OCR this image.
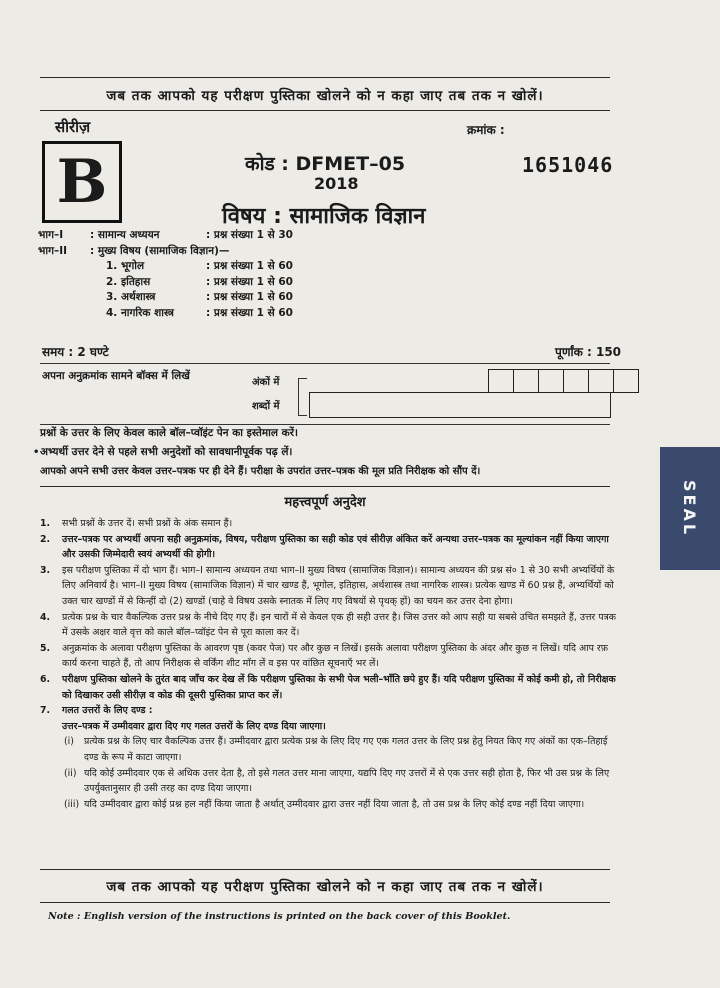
जब तक आपको यह परीक्षण पुस्तिका खोलने को न कहा जाए तब तक न खोलें।
सीरीज़	क्रमांक :
B	1651046
कोड : DFMET–05
2018
विषय : सामाजिक विज्ञान
भाग–I	: सामान्य अध्ययन	: प्रश्न संख्या 1 से 30
भाग–II : मुख्य विषय (सामाजिक विज्ञान)—
1. भूगोल	: प्रश्न संख्या 1 से 60
2. इतिहास	: प्रश्न संख्या 1 से 60
3. अर्थशास्त्र	: प्रश्न संख्या 1 से 60
4. नागरिक शास्त्र	: प्रश्न संख्या 1 से 60
समय : 2 घण्टे	पूर्णांक : 150
अपना अनुक्रमांक सामने बॉक्स में लिखें
अंकों में
शब्दों में
•
प्रश्नों के उत्तर के लिए केवल काले बॉल–प्वॉइंट पेन का इस्तेमाल करें।
अभ्यर्थी उत्तर देने से पहले सभी अनुदेशों को सावधानीपूर्वक पढ़ लें।
आपको अपने सभी उत्तर केवल उत्तर–पत्रक पर ही देने हैं। परीक्षा के उपरांत उत्तर–पत्रक की मूल प्रति निरीक्षक को सौंप दें।
महत्त्वपूर्ण अनुदेश
1. सभी प्रश्नों के उत्तर दें। सभी प्रश्नों के अंक समान हैं।
2. उत्तर–पत्रक पर अभ्यर्थी अपना सही अनुक्रमांक, विषय, परीक्षण पुस्तिका का सही कोड एवं सीरीज़ अंकित करें अन्यथा उत्तर–पत्रक का मूल्यांकन नहीं किया जाएगा और उसकी जिम्मेदारी स्वयं अभ्यर्थी की होगी।
3. इस परीक्षण पुस्तिका में दो भाग हैं। भाग–I सामान्य अध्ययन तथा भाग–II मुख्य विषय (सामाजिक विज्ञान)। सामान्य अध्ययन की प्रश्न सं० 1 से 30 सभी अभ्यर्थियों के लिए अनिवार्य है। भाग–II मुख्य विषय (सामाजिक विज्ञान) में चार खण्ड हैं, भूगोल, इतिहास, अर्थशास्त्र तथा नागरिक शास्त्र। प्रत्येक खण्ड में 60 प्रश्न हैं, अभ्यर्थियों को उक्त चार खण्डों में से किन्हीं दो (2) खण्डों (चाहे वे विषय उसके स्नातक में लिए गए विषयों से पृथक् हों) का चयन कर उत्तर देना होगा।
4. प्रत्येक प्रश्न के चार वैकल्पिक उत्तर प्रश्न के नीचे दिए गए हैं। इन चारों में से केवल एक ही सही उत्तर है। जिस उत्तर को आप सही या सबसे उचित समझते हैं, उत्तर पत्रक में उसके अक्षर वाले वृत्त को काले बॉल–प्वॉइंट पेन से पूरा काला कर दें।
5. अनुक्रमांक के अलावा परीक्षण पुस्तिका के आवरण पृष्ठ (कवर पेज) पर और कुछ न लिखें। इसके अलावा परीक्षण पुस्तिका के अंदर और कुछ न लिखें। यदि आप रफ़ कार्य करना चाहते हैं, तो आप निरीक्षक से वर्किंग शीट माँग लें व इस पर वांछित सूचनाएँ भर लें।
6. परीक्षण पुस्तिका खोलने के तुरंत बाद जाँच कर देख लें कि परीक्षण पुस्तिका के सभी पेज भली–भाँति छपे हुए हैं। यदि परीक्षण पुस्तिका में कोई कमी हो, तो निरीक्षक को दिखाकर उसी सीरीज़ व कोड की दूसरी पुस्तिका प्राप्त कर लें।
7. गलत उत्तरों के लिए दण्ड :
उत्तर–पत्रक में उम्मीदवार द्वारा दिए गए गलत उत्तरों के लिए दण्ड दिया जाएगा।
(i) प्रत्येक प्रश्न के लिए चार वैकल्पिक उत्तर हैं। उम्मीदवार द्वारा प्रत्येक प्रश्न के लिए दिए गए एक गलत उत्तर के लिए प्रश्न हेतु नियत किए गए अंकों का एक–तिहाई दण्ड के रूप में काटा जाएगा।
(ii) यदि कोई उम्मीदवार एक से अधिक उत्तर देता है, तो इसे गलत उत्तर माना जाएगा, यद्यपि दिए गए उत्तरों में से एक उत्तर सही होता है, फिर भी उस प्रश्न के लिए उपर्युक्तानुसार ही उसी तरह का दण्ड दिया जाएगा।
(iii) यदि उम्मीदवार द्वारा कोई प्रश्न हल नहीं किया जाता है अर्थात् उम्मीदवार द्वारा उत्तर नहीं दिया जाता है, तो उस प्रश्न के लिए कोई दण्ड नहीं दिया जाएगा।
जब तक आपको यह परीक्षण पुस्तिका खोलने को न कहा जाए तब तक न खोलें।
Note : English version of the instructions is printed on the back cover of this Booklet.
SEAL
